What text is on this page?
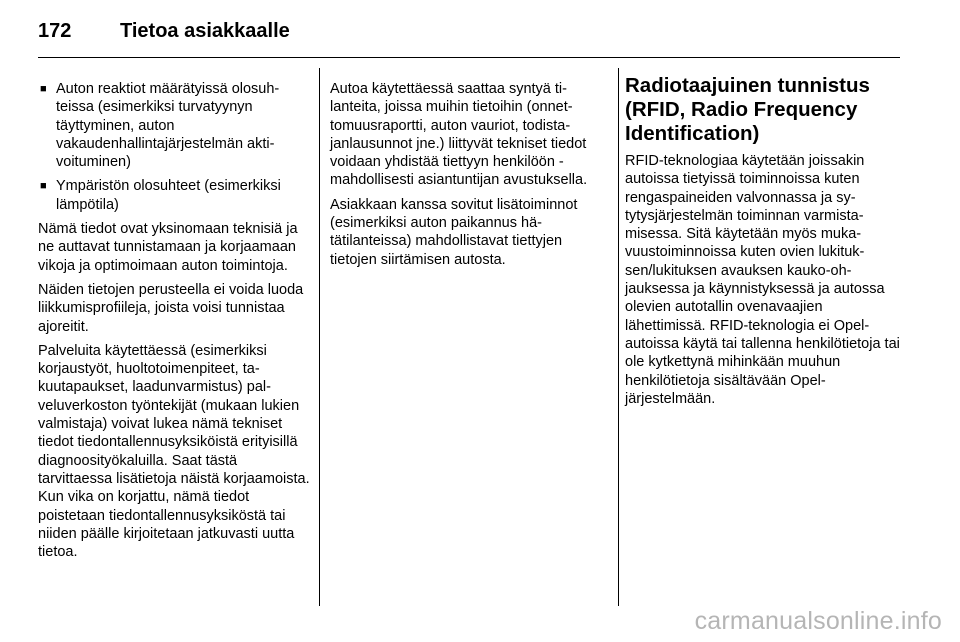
172 Tietoa asiakkaalle
■ Auton reaktiot määrätyissä olosuhteissa (esimerkiksi turvatyynyn täyttyminen, auton vakaudenhallintajärjestelmän aktivoituminen)
■ Ympäristön olosuhteet (esimerkiksi lämpötila)

Nämä tiedot ovat yksinomaan teknisiä ja ne auttavat tunnistamaan ja korjaamaan vikoja ja optimoimaan auton toimintoja.

Näiden tietojen perusteella ei voida luoda liikkumisprofiileja, joista voisi tunnistaa ajoreitit.

Palveluita käytettäessä (esimerkiksi korjaustyöt, huoltotoimenpiteet, takuutapaukset, laadunvarmistus) palveluverkoston työntekijät (mukaan lukien valmistaja) voivat lukea nämä tekniset tiedot tiedontallennusyksiköistä erityisillä diagnoosityökaluilla. Saat tästä tarvittaessa lisätietoja näistä korjaamoista. Kun vika on korjattu, nämä tiedot poistetaan tiedontallennusyksiköstä tai niiden päälle kirjoitetaan jatkuvasti uutta tietoa.

Autoa käytettäessä saattaa syntyä tilanteita, joissa muihin tietoihin (onnettomuusraportti, auton vauriot, todistajanlausunnot jne.) liittyvät tekniset tiedot voidaan yhdistää tiettyyn henkilöön - mahdollisesti asiantuntijan avustuksella.

Asiakkaan kanssa sovitut lisätoiminnot (esimerkiksi auton paikannus hätätilanteissa) mahdollistavat tiettyjen tietojen siirtämisen autosta.

Radiotaajuinen tunnistus (RFID, Radio Frequency Identification)

RFID-teknologiaa käytetään joissakin autoissa tietyissä toiminnoissa kuten rengaspaineiden valvonnassa ja sytytysjärjestelmän toiminnan varmistamisessa. Sitä käytetään myös mukavuustoiminnoissa kuten ovien lukituksen/lukituksen avauksen kauko-ohjauksessa ja käynnistyksessä ja autossa olevien autotallin ovenavaajien lähettimissä. RFID-teknologia ei Opel-autoissa käytä tai tallenna henkilötietoja tai ole kytkettynä mihinkään muuhun henkilötietoja sisältävään Opel-järjestelmään.

carmanualsonline.info
